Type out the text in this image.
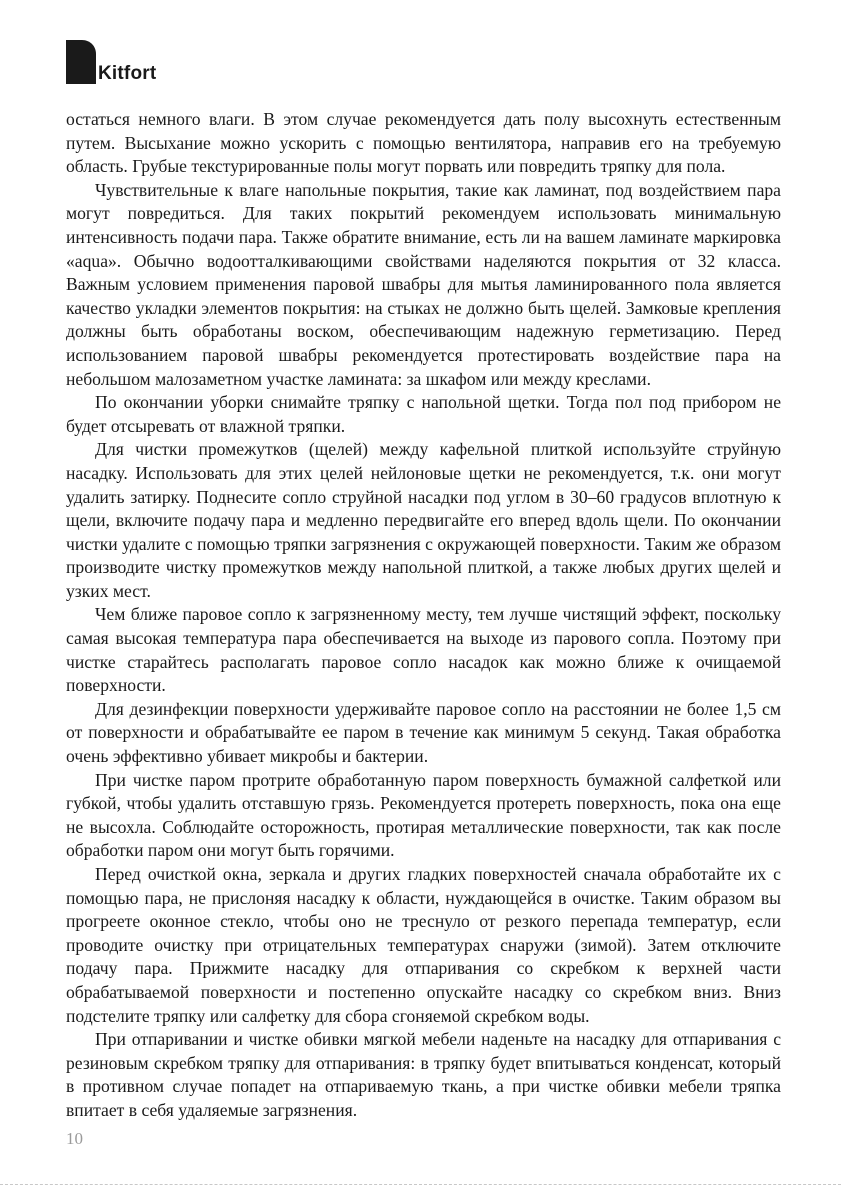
Kitfort

остаться немного влаги. В этом случае рекомендуется дать полу высохнуть естественным путем. Высыхание можно ускорить с помощью вентилятора, направив его на требуемую область. Грубые текстурированные полы могут порвать или повредить тряпку для пола.

Чувствительные к влаге напольные покрытия, такие как ламинат, под воздействием пара могут повредиться. Для таких покрытий рекомендуем использовать минимальную интенсивность подачи пара. Также обратите внимание, есть ли на вашем ламинате маркировка «aqua». Обычно водоотталкивающими свойствами наделяются покрытия от 32 класса. Важным условием применения паровой швабры для мытья ламинированного пола является качество укладки элементов покрытия: на стыках не должно быть щелей. Замковые крепления должны быть обработаны воском, обеспечивающим надежную герметизацию. Перед использованием паровой швабры рекомендуется протестировать воздействие пара на небольшом малозаметном участке ламината: за шкафом или между креслами.

По окончании уборки снимайте тряпку с напольной щетки. Тогда пол под прибором не будет отсыревать от влажной тряпки.

Для чистки промежутков (щелей) между кафельной плиткой используйте струйную насадку. Использовать для этих целей нейлоновые щетки не рекомендуется, т.к. они могут удалить затирку. Поднесите сопло струйной насадки под углом в 30–60 градусов вплотную к щели, включите подачу пара и медленно передвигайте его вперед вдоль щели. По окончании чистки удалите с помощью тряпки загрязнения с окружающей поверхности. Таким же образом производите чистку промежутков между напольной плиткой, а также любых других щелей и узких мест.

Чем ближе паровое сопло к загрязненному месту, тем лучше чистящий эффект, поскольку самая высокая температура пара обеспечивается на выходе из парового сопла. Поэтому при чистке старайтесь располагать паровое сопло насадок как можно ближе к очищаемой поверхности.

Для дезинфекции поверхности удерживайте паровое сопло на расстоянии не более 1,5 см от поверхности и обрабатывайте ее паром в течение как минимум 5 секунд. Такая обработка очень эффективно убивает микробы и бактерии.

При чистке паром протрите обработанную паром поверхность бумажной салфеткой или губкой, чтобы удалить отставшую грязь. Рекомендуется протереть поверхность, пока она еще не высохла. Соблюдайте осторожность, протирая металлические поверхности, так как после обработки паром они могут быть горячими.

Перед очисткой окна, зеркала и других гладких поверхностей сначала обработайте их с помощью пара, не прислоняя насадку к области, нуждающейся в очистке. Таким образом вы прогреете оконное стекло, чтобы оно не треснуло от резкого перепада температур, если проводите очистку при отрицательных температурах снаружи (зимой). Затем отключите подачу пара. Прижмите насадку для отпаривания со скребком к верхней части обрабатываемой поверхности и постепенно опускайте насадку со скребком вниз. Вниз подстелите тряпку или салфетку для сбора сгоняемой скребком воды.

При отпаривании и чистке обивки мягкой мебели наденьте на насадку для отпаривания с резиновым скребком тряпку для отпаривания: в тряпку будет впитываться конденсат, который в противном случае попадет на отпариваемую ткань, а при чистке обивки мебели тряпка впитает в себя удаляемые загрязнения.

10
